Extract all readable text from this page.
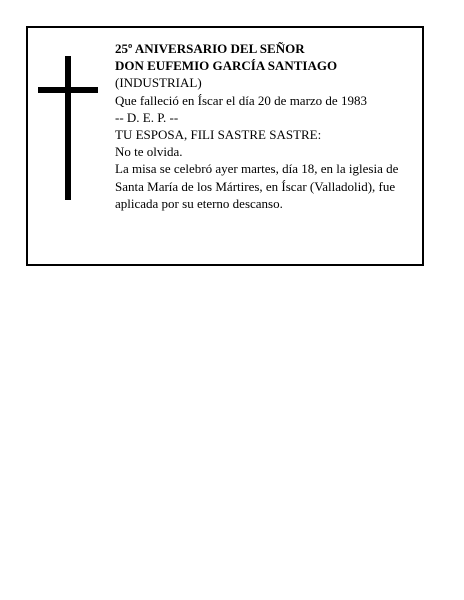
25º ANIVERSARIO DEL SEÑOR
DON EUFEMIO GARCÍA SANTIAGO
(INDUSTRIAL)
Que falleció en Íscar el día 20 de marzo de 1983
-- D. E. P. --
TU ESPOSA, FILI SASTRE SASTRE:
No te olvida.
La misa se celebró ayer martes, día 18, en la iglesia de
Santa María de los Mártires, en Íscar (Valladolid), fue
aplicada por su eterno descanso.
